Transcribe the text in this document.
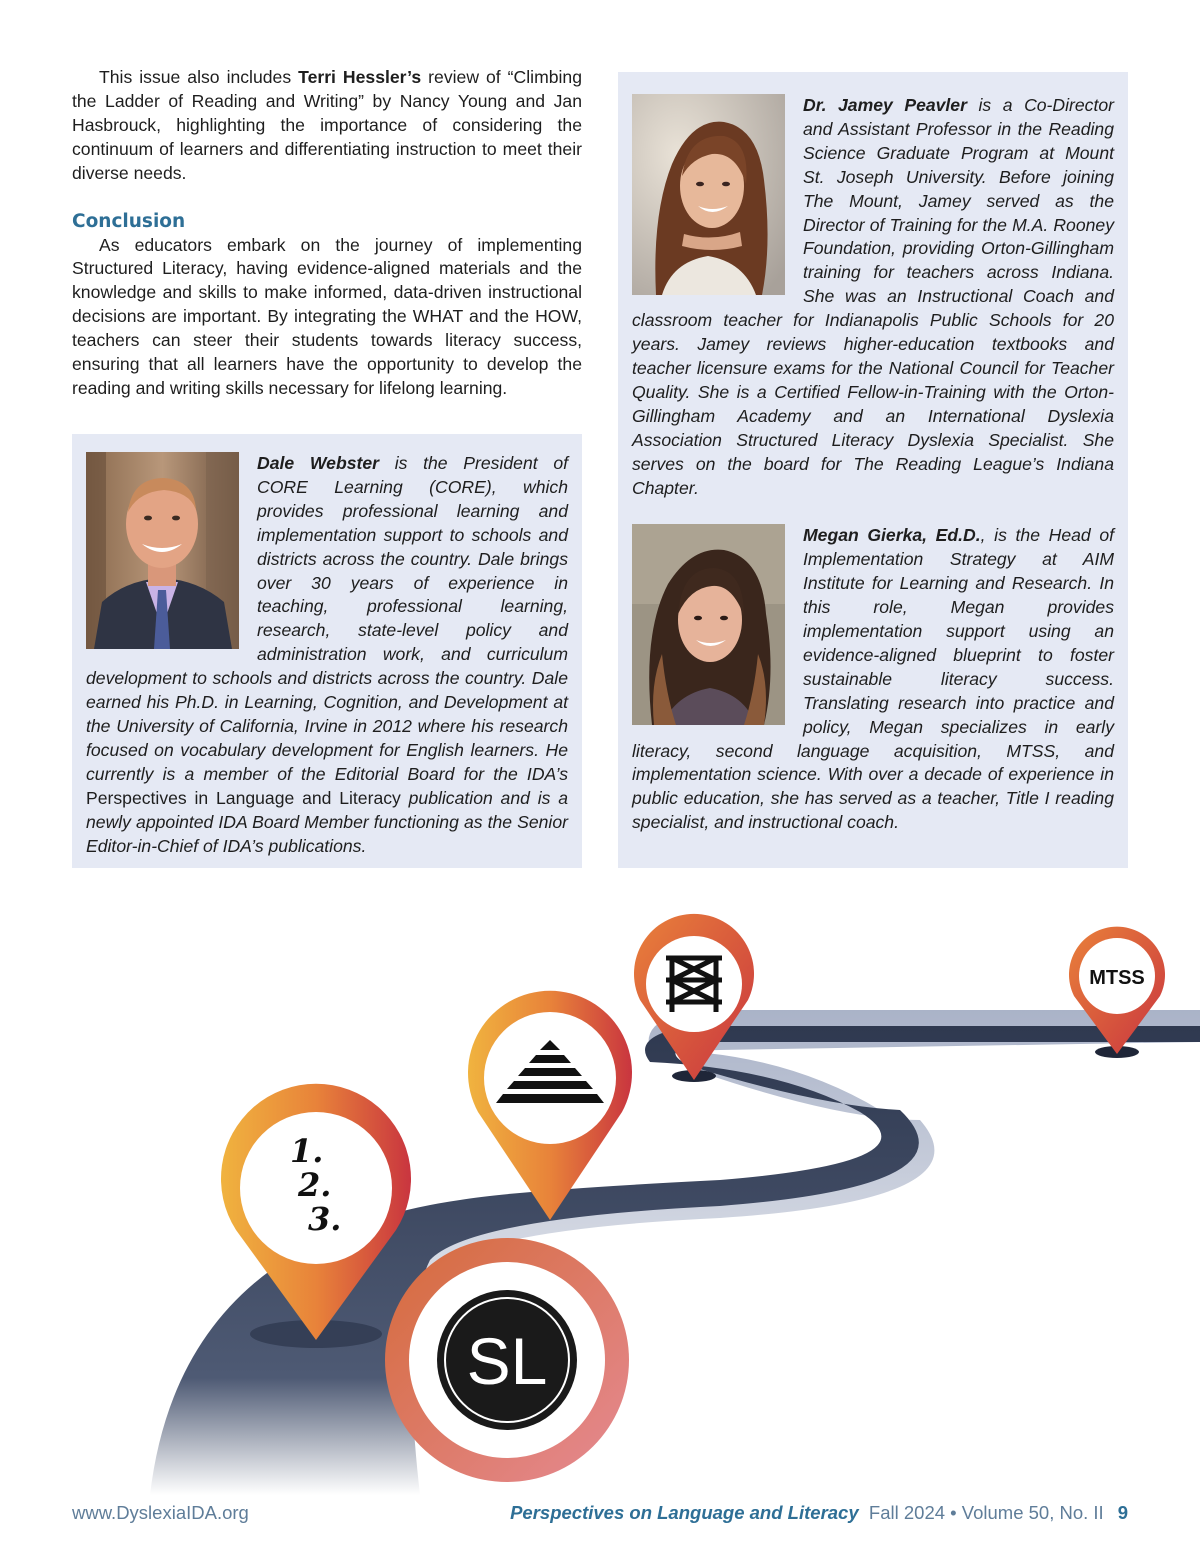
This issue also includes Terri Hessler’s review of “Climbing the Ladder of Reading and Writing” by Nancy Young and Jan Hasbrouck, highlighting the importance of considering the continuum of learners and differentiating instruction to meet their diverse needs.

Conclusion

As educators embark on the journey of implementing Structured Literacy, having evidence-aligned materials and the knowledge and skills to make informed, data-driven instructional decisions are important. By integrating the WHAT and the HOW, teachers can steer their students towards literacy success, ensuring that all learners have the opportunity to develop the reading and writing skills necessary for lifelong learning.

Dale Webster is the President of CORE Learning (CORE), which provides professional learning and implementation support to schools and districts across the country. Dale brings over 30 years of experience in teaching, professional learning, research, state-level policy and administration work, and curriculum development to schools and districts across the country. Dale earned his Ph.D. in Learning, Cognition, and Development at the University of California, Irvine in 2012 where his research focused on vocabulary development for English learners. He currently is a member of the Editorial Board for the IDA’s Perspectives in Language and Literacy publication and is a newly appointed IDA Board Member functioning as the Senior Editor-in-Chief of IDA’s publications.

Dr. Jamey Peavler is a Co-Director and Assistant Professor in the Reading Science Graduate Program at Mount St. Joseph University. Before joining The Mount, Jamey served as the Director of Training for the M.A. Rooney Foundation, providing Orton-Gillingham training for teachers across Indiana. She was an Instructional Coach and classroom teacher for Indianapolis Public Schools for 20 years. Jamey reviews higher-education textbooks and teacher licensure exams for the National Council for Teacher Quality. She is a Certified Fellow-in-Training with the Orton-Gillingham Academy and an International Dyslexia Association Structured Literacy Dyslexia Specialist. She serves on the board for The Reading League’s Indiana Chapter.

Megan Gierka, Ed.D., is the Head of Implementation Strategy at AIM Institute for Learning and Research. In this role, Megan provides implementation support using an evidence-aligned blueprint to foster sustainable literacy success. Translating research into practice and policy, Megan specializes in early literacy, second language acquisition, MTSS, and implementation science. With over a decade of experience in public education, she has served as a teacher, Title I reading specialist, and instructional coach.

1.
2.
3.
MTSS
SL
www.DyslexiaIDA.org	Perspectives on Language and Literacy Fall 2024 • Volume 50, No. II 9
